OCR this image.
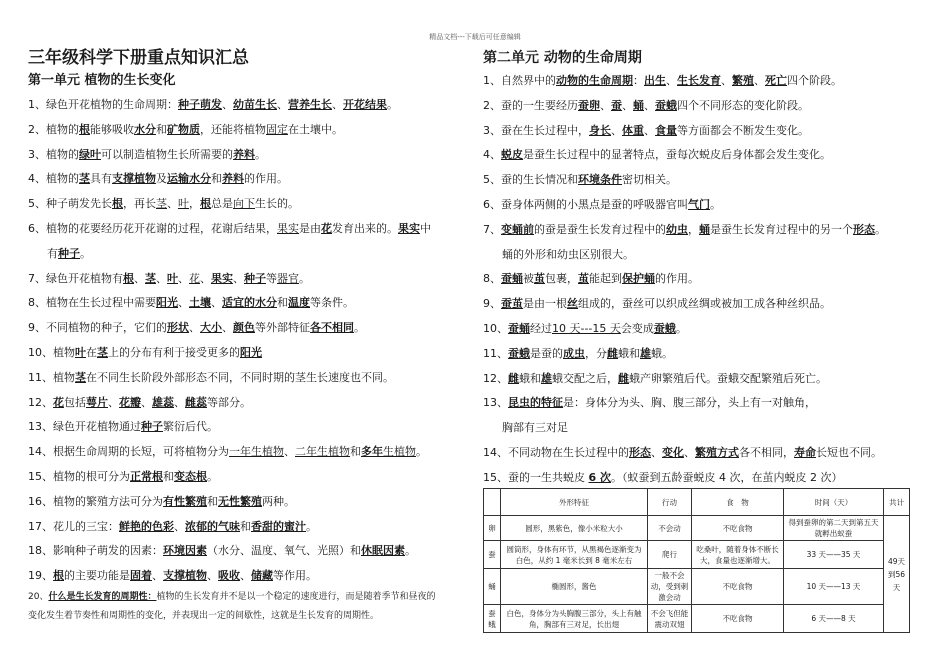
精品文档---下载后可任意编辑
三年级科学下册重点知识汇总
第一单元 植物的生长变化
1、绿色开花植物的生命周期：种子萌发、幼苗生长、营养生长、开花结果。
2、植物的根能够吸收水分和矿物质，还能将植物固定在土壤中。
3、植物的绿叶可以制造植物生长所需要的养料。
4、植物的茎具有支撑植物及运输水分和养料的作用。
5、种子萌发先长根，再长茎、叶，根总是向下生长的。
6、植物的花要经历花开花谢的过程，花谢后结果，果实是由花发育出来的。果实中
有种子。
7、绿色开花植物有根、茎、叶、花、果实、种子等器官。
8、植物在生长过程中需要阳光、土壤、适宜的水分和温度等条件。
9、不同植物的种子，它们的形状、大小、颜色等外部特征各不相同。
10、植物叶在茎上的分布有利于接受更多的阳光
11、植物茎在不同生长阶段外部形态不同，不同时期的茎生长速度也不同。
12、花包括萼片、花瓣、雄蕊、雌蕊等部分。
13、绿色开花植物通过种子繁衍后代。
14、根据生命周期的长短，可将植物分为一年生植物、二年生植物和多年生植物。
15、植物的根可分为正常根和变态根。
16、植物的繁殖方法可分为有性繁殖和无性繁殖两种。
17、花儿的三宝：鲜艳的色彩、浓郁的气味和香甜的蜜汁。
18、影响种子萌发的因素：环境因素（水分、温度、氧气、光照）和休眠因素。
19、根的主要功能是固着、支撑植物、吸收、储藏等作用。
20、什么是生长发育的周期性：植物的生长发育并不是以一个稳定的速度进行，而是随着季节和昼夜的
变化发生着节奏性和周期性的变化，并表现出一定的间歇性，这就是生长发育的周期性。
第二单元 动物的生命周期
1、自然界中的动物的生命周期：出生、生长发育、繁殖、死亡四个阶段。
2、蚕的一生要经历蚕卵、蚕、蛹、蚕蛾四个不同形态的变化阶段。
3、蚕在生长过程中，身长、体重、食量等方面都会不断发生变化。
4、蜕皮是蚕生长过程中的显著特点，蚕每次蜕皮后身体都会发生变化。
5、蚕的生长情况和环境条件密切相关。
6、蚕身体两侧的小黑点是蚕的呼吸器官叫气门。
7、变蛹前的蚕是蚕生长发育过程中的幼虫，蛹是蚕生长发育过程中的另一个形态。
蛹的外形和幼虫区别很大。
8、蚕蛹被茧包裹，茧能起到保护蛹的作用。
9、蚕茧是由一根丝组成的，蚕丝可以织成丝绸或被加工成各种丝织品。
10、蚕蛹经过10 天---15 天会变成蚕蛾。
11、蚕蛾是蚕的成虫，分雌蛾和雄蛾。
12、雌蛾和雄蛾交配之后，雌蛾产卵繁殖后代。蚕蛾交配繁殖后死亡。
13、昆虫的特征是：身体分为头、胸、腹三部分，头上有一对触角，
胸部有三对足
14、不同动物在生长过程中的形态、变化、繁殖方式各不相同，寿命长短也不同。
15、蚕的一生共蜕皮 6 次。（蚁蚕到五龄蚕蜕皮 4 次，在茧内蜕皮 2 次）
	外形特征	行动	食　物	时间（天）	共计
卵	圆形，黑紫色，像小米粒大小	不会动	不吃食物	得到蚕卵的第二天到第五天就孵出蚁蚕	49天到56天
蚕	圆筒形，身体有环节，从黑褐色逐渐变为白色，从约 1 毫米长到 8 毫米左右	爬行	吃桑叶，随着身体不断长大，食量也逐渐增大。	33 天——35 天	
蛹	椭圆形，酱色	一般不会动，受到刺激会动	不吃食物	10 天——13 天	
蚕蛾	白色，身体分为头胸腹三部分，头上有触角，胸部有三对足，长出翅	不会飞但能震动双翅	不吃食物	6 天——8 天	
